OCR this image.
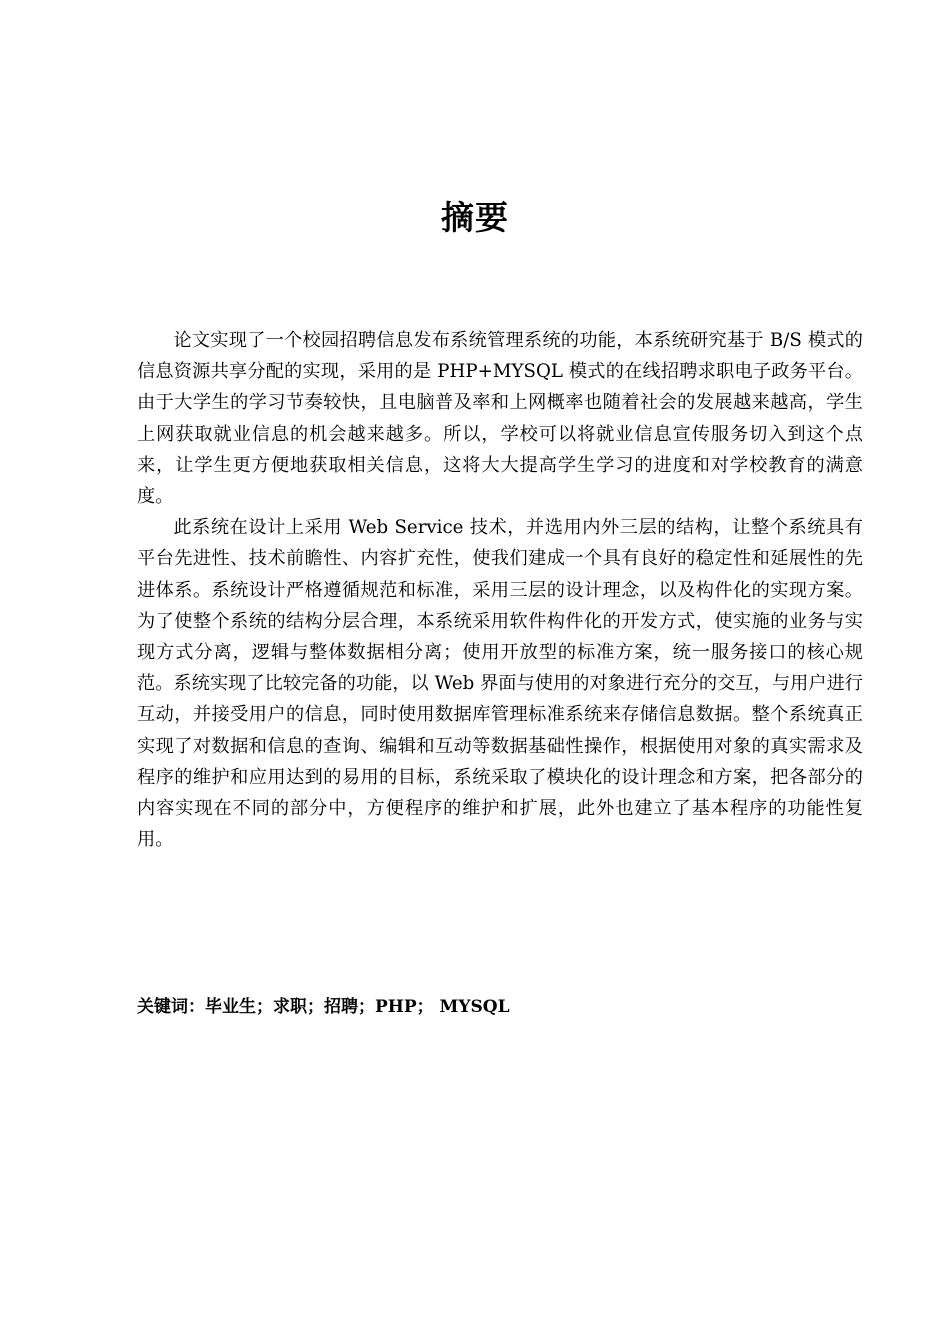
摘要

论文实现了一个校园招聘信息发布系统管理系统的功能，本系统研究基于 B/S 模式的信息资源共享分配的实现，采用的是 PHP+MYSQL 模式的在线招聘求职电子政务平台。由于大学生的学习节奏较快，且电脑普及率和上网概率也随着社会的发展越来越高，学生上网获取就业信息的机会越来越多。所以，学校可以将就业信息宣传服务切入到这个点来，让学生更方便地获取相关信息，这将大大提高学生学习的进度和对学校教育的满意度。

此系统在设计上采用 Web Service 技术，并选用内外三层的结构，让整个系统具有平台先进性、技术前瞻性、内容扩充性，使我们建成一个具有良好的稳定性和延展性的先进体系。系统设计严格遵循规范和标准，采用三层的设计理念，以及构件化的实现方案。为了使整个系统的结构分层合理，本系统采用软件构件化的开发方式，使实施的业务与实现方式分离，逻辑与整体数据相分离；使用开放型的标准方案，统一服务接口的核心规范。系统实现了比较完备的功能，以 Web 界面与使用的对象进行充分的交互，与用户进行互动，并接受用户的信息，同时使用数据库管理标准系统来存储信息数据。整个系统真正实现了对数据和信息的查询、编辑和互动等数据基础性操作，根据使用对象的真实需求及程序的维护和应用达到的易用的目标，系统采取了模块化的设计理念和方案，把各部分的内容实现在不同的部分中，方便程序的维护和扩展，此外也建立了基本程序的功能性复用。

关键词：毕业生；求职；招聘；PHP； MYSQL
